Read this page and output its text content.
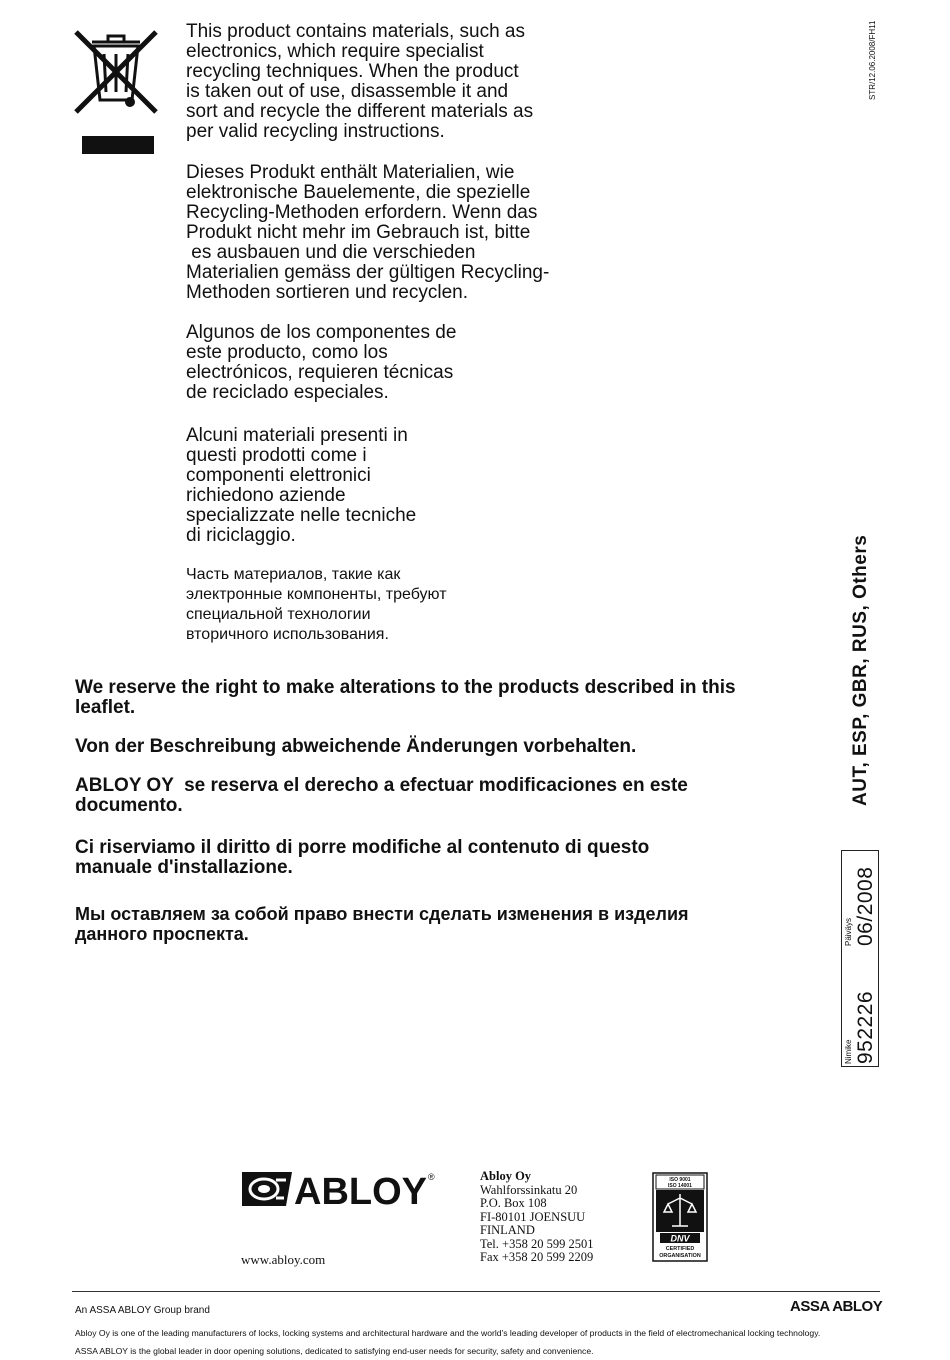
This product contains materials, such as

electronics, which require specialist

recycling techniques. When the product

is taken out of use, disassemble it and

sort and recycle the different materials as

per valid recycling instructions.

Dieses Produkt enthält Materialien, wie

elektronische Bauelemente, die spezielle

Recycling-Methoden erfordern. Wenn das

Produkt nicht mehr im Gebrauch ist, bitte

es ausbauen und die verschieden

Materialien gemäss der gültigen Recycling-

Methoden sortieren und recyclen.

Algunos de los componentes de

este producto, como los

electrónicos, requieren técnicas

de reciclado especiales.

Alcuni materiali presenti in

questi prodotti come i

componenti elettronici

richiedono aziende

specializzate nelle tecniche

di riciclaggio.

Часть материалов, такие как

электронные компоненты, требуют

специальной технологии

вторичного использования.

We reserve the right to make alterations to the products described in this
leaflet.
Von der Beschreibung abweichende Änderungen vorbehalten.
ABLOY OY  se reserva el derecho a efectuar modificaciones en este
documento.
Ci riserviamo il diritto di porre modifiche al contenuto di questo
manuale d'installazione.
Мы оставляем за собой право внести сделать изменения в изделия
данного проспекта.
STR/12.06.2008/FH11
AUT, ESP, GBR, RUS, Others
Nimike 952226
Päiväys 06/2008
ABLOY ®
www.abloy.com
Abloy Oy
Wahlforssinkatu 20
P.O. Box 108
FI-80101 JOENSUU
FINLAND
Tel. +358 20 599 2501
Fax +358 20 599 2209
ISO 9001
ISO 14001
DNV
CERTIFIED
ORGANISATION
An ASSA ABLOY Group brand	ASSA ABLOY
Abloy Oy is one of the leading manufacturers of locks, locking systems and architectural hardware and the world's leading developer of products in the field of electromechanical locking technology.
ASSA ABLOY is the global leader in door opening solutions, dedicated to satisfying end-user needs for security, safety and convenience.
